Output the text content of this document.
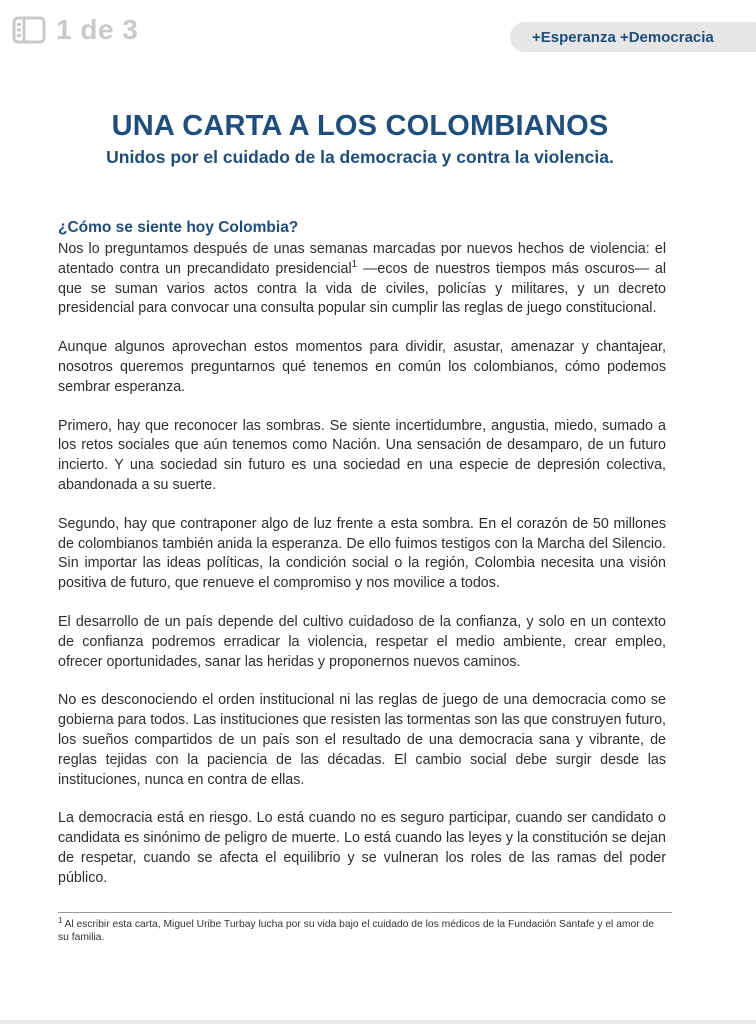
1 de 3	+Esperanza +Democracia
UNA CARTA A LOS COLOMBIANOS
Unidos por el cuidado de la democracia y contra la violencia.
¿Cómo se siente hoy Colombia?

Nos lo preguntamos después de unas semanas marcadas por nuevos hechos de violencia: el atentado contra un precandidato presidencial$^1$ —ecos de nuestros tiempos más oscuros— al que se suman varios actos contra la vida de civiles, policías y militares, y un decreto presidencial para convocar una consulta popular sin cumplir las reglas de juego constitucional.

Aunque algunos aprovechan estos momentos para dividir, asustar, amenazar y chantajear, nosotros queremos preguntarnos qué tenemos en común los colombianos, cómo podemos sembrar esperanza.

Primero, hay que reconocer las sombras. Se siente incertidumbre, angustia, miedo, sumado a los retos sociales que aún tenemos como Nación. Una sensación de desamparo, de un futuro incierto. Y una sociedad sin futuro es una sociedad en una especie de depresión colectiva, abandonada a su suerte.

Segundo, hay que contraponer algo de luz frente a esta sombra. En el corazón de 50 millones de colombianos también anida la esperanza. De ello fuimos testigos con la Marcha del Silencio. Sin importar las ideas políticas, la condición social o la región, Colombia necesita una visión positiva de futuro, que renueve el compromiso y nos movilice a todos.

El desarrollo de un país depende del cultivo cuidadoso de la confianza, y solo en un contexto de confianza podremos erradicar la violencia, respetar el medio ambiente, crear empleo, ofrecer oportunidades, sanar las heridas y proponernos nuevos caminos.

No es desconociendo el orden institucional ni las reglas de juego de una democracia como se gobierna para todos. Las instituciones que resisten las tormentas son las que construyen futuro, los sueños compartidos de un país son el resultado de una democracia sana y vibrante, de reglas tejidas con la paciencia de las décadas. El cambio social debe surgir desde las instituciones, nunca en contra de ellas.

La democracia está en riesgo. Lo está cuando no es seguro participar, cuando ser candidato o candidata es sinónimo de peligro de muerte. Lo está cuando las leyes y la constitución se dejan de respetar, cuando se afecta el equilibrio y se vulneran los roles de las ramas del poder público.

$^1$ Al escribir esta carta, Miguel Uribe Turbay lucha por su vida bajo el cuidado de los médicos de la Fundación Santafe y el amor de su familia.
